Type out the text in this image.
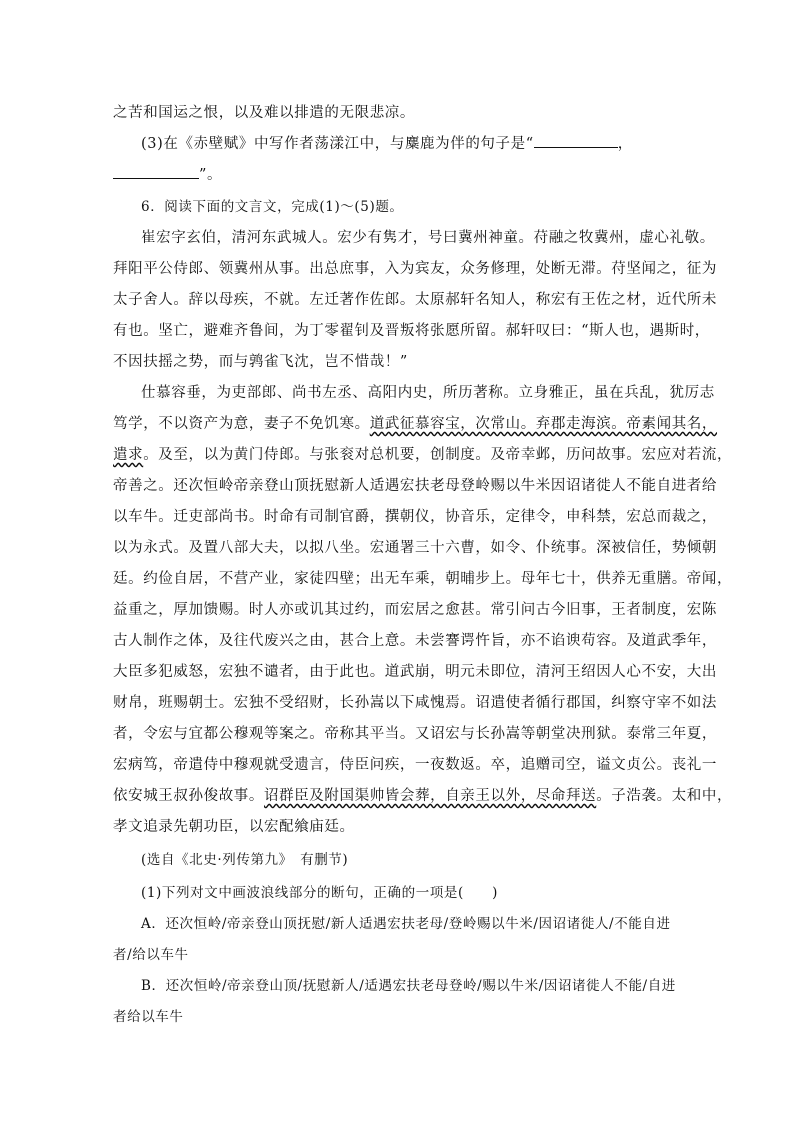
之苦和国运之恨，以及难以排遣的无限悲凉。
(3)在《赤壁赋》中写作者荡漾江中，与麋鹿为伴的句子是“	，
”。
6．阅读下面的文言文，完成(1)～(5)题。
崔宏字玄伯，清河东武城人。宏少有隽才，号曰冀州神童。苻融之牧冀州，虚心礼敬。
拜阳平公侍郎、领冀州从事。出总庶事，入为宾友，众务修理，处断无滞。苻坚闻之，征为
太子舍人。辞以母疾，不就。左迁著作佐郎。太原郝轩名知人，称宏有王佐之材，近代所未
有也。坚亡，避难齐鲁间，为丁零翟钊及晋叛将张愿所留。郝轩叹曰：“斯人也，遇斯时，
不因扶摇之势，而与鹑雀飞沈，岂不惜哉！”
仕慕容垂，为吏部郎、尚书左丞、高阳内史，所历著称。立身雅正，虽在兵乱，犹厉志
笃学，不以资产为意，妻子不免饥寒。道武征慕容宝，次常山。弃郡走海滨。帝素闻其名，
遣求。及至，以为黄门侍郎。与张衮对总机要，创制度。及帝幸邺，历问故事。宏应对若流，
帝善之。还次恒岭帝亲登山顶抚慰新人适遇宏扶老母登岭赐以牛米因诏诸徙人不能自进者给
以车牛。迁吏部尚书。时命有司制官爵，撰朝仪，协音乐，定律令，申科禁，宏总而裁之，
以为永式。及置八部大夫，以拟八坐。宏通署三十六曹，如令、仆统事。深被信任，势倾朝
廷。约俭自居，不营产业，家徒四壁；出无车乘，朝晡步上。母年七十，供养无重膳。帝闻，
益重之，厚加馈赐。时人亦或讥其过约，而宏居之愈甚。常引问古今旧事，王者制度，宏陈
古人制作之体，及往代废兴之由，甚合上意。未尝謇谔忤旨，亦不谄谀苟容。及道武季年，
大臣多犯威怒，宏独不谴者，由于此也。道武崩，明元未即位，清河王绍因人心不安，大出
财帛，班赐朝士。宏独不受绍财，长孙嵩以下咸愧焉。诏遣使者循行郡国，纠察守宰不如法
者，令宏与宜都公穆观等案之。帝称其平当。又诏宏与长孙嵩等朝堂决刑狱。泰常三年夏，
宏病笃，帝遣侍中穆观就受遗言，侍臣问疾，一夜数返。卒，追赠司空，谥文贞公。丧礼一
依安城王叔孙俊故事。诏群臣及附国渠帅皆会葬，自亲王以外，尽命拜送。子浩袭。太和中，
孝文追录先朝功臣，以宏配飨庙廷。
(选自《北史·列传第九》　有删节)
(1)下列对文中画波浪线部分的断句，正确的一项是(　　)
A．还次恒岭/帝亲登山顶抚慰/新人适遇宏扶老母/登岭赐以牛米/因诏诸徙人/不能自进
者/给以车牛
B．还次恒岭/帝亲登山顶/抚慰新人/适遇宏扶老母登岭/赐以牛米/因诏诸徙人不能/自进
者给以车牛
